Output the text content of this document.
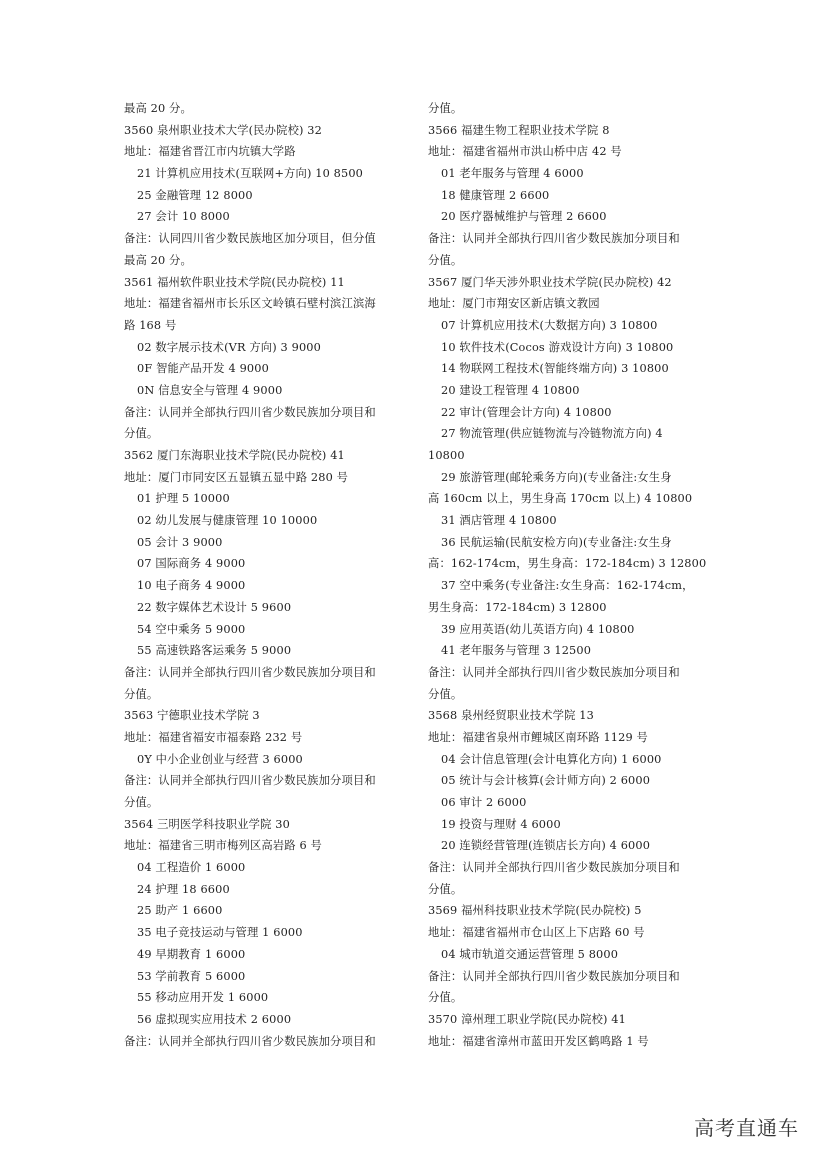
最高 20 分。
3560 泉州职业技术大学(民办院校) 32
地址：福建省晋江市内坑镇大学路
21 计算机应用技术(互联网+方向) 10 8500
25 金融管理 12 8000
27 会计 10 8000
备注：认同四川省少数民族地区加分项目，但分值
最高 20 分。
3561 福州软件职业技术学院(民办院校) 11
地址：福建省福州市长乐区文岭镇石壁村滨江滨海
路 168 号
02 数字展示技术(VR 方向) 3 9000
0F 智能产品开发 4 9000
0N 信息安全与管理 4 9000
备注：认同并全部执行四川省少数民族加分项目和
分值。
3562 厦门东海职业技术学院(民办院校) 41
地址：厦门市同安区五显镇五显中路 280 号
01 护理 5 10000
02 幼儿发展与健康管理 10 10000
05 会计 3 9000
07 国际商务 4 9000
10 电子商务 4 9000
22 数字媒体艺术设计 5 9600
54 空中乘务 5 9000
55 高速铁路客运乘务 5 9000
备注：认同并全部执行四川省少数民族加分项目和
分值。
3563 宁德职业技术学院 3
地址：福建省福安市福泰路 232 号
0Y 中小企业创业与经营 3 6000
备注：认同并全部执行四川省少数民族加分项目和
分值。
3564 三明医学科技职业学院 30
地址：福建省三明市梅列区高岩路 6 号
04 工程造价 1 6000
24 护理 18 6600
25 助产 1 6600
35 电子竞技运动与管理 1 6000
49 早期教育 1 6000
53 学前教育 5 6000
55 移动应用开发 1 6000
56 虚拟现实应用技术 2 6000
备注：认同并全部执行四川省少数民族加分项目和
分值。
3566 福建生物工程职业技术学院 8
地址：福建省福州市洪山桥中店 42 号
01 老年服务与管理 4 6000
18 健康管理 2 6600
20 医疗器械维护与管理 2 6600
备注：认同并全部执行四川省少数民族加分项目和
分值。
3567 厦门华天涉外职业技术学院(民办院校) 42
地址：厦门市翔安区新店镇文教园
07 计算机应用技术(大数据方向) 3 10800
10 软件技术(Cocos 游戏设计方向) 3 10800
14 物联网工程技术(智能终端方向) 3 10800
20 建设工程管理 4 10800
22 审计(管理会计方向) 4 10800
27 物流管理(供应链物流与冷链物流方向) 4
10800
29 旅游管理(邮轮乘务方向)(专业备注:女生身
高 160cm 以上，男生身高 170cm 以上) 4 10800
31 酒店管理 4 10800
36 民航运输(民航安检方向)(专业备注:女生身
高：162-174cm，男生身高：172-184cm) 3 12800
37 空中乘务(专业备注:女生身高：162-174cm，
男生身高：172-184cm) 3 12800
39 应用英语(幼儿英语方向) 4 10800
41 老年服务与管理 3 12500
备注：认同并全部执行四川省少数民族加分项目和
分值。
3568 泉州经贸职业技术学院 13
地址：福建省泉州市鲤城区南环路 1129 号
04 会计信息管理(会计电算化方向) 1 6000
05 统计与会计核算(会计师方向) 2 6000
06 审计 2 6000
19 投资与理财 4 6000
20 连锁经营管理(连锁店长方向) 4 6000
备注：认同并全部执行四川省少数民族加分项目和
分值。
3569 福州科技职业技术学院(民办院校) 5
地址：福建省福州市仓山区上下店路 60 号
04 城市轨道交通运营管理 5 8000
备注：认同并全部执行四川省少数民族加分项目和
分值。
3570 漳州理工职业学院(民办院校) 41
地址：福建省漳州市蓝田开发区鹤鸣路 1 号
高考直通车
